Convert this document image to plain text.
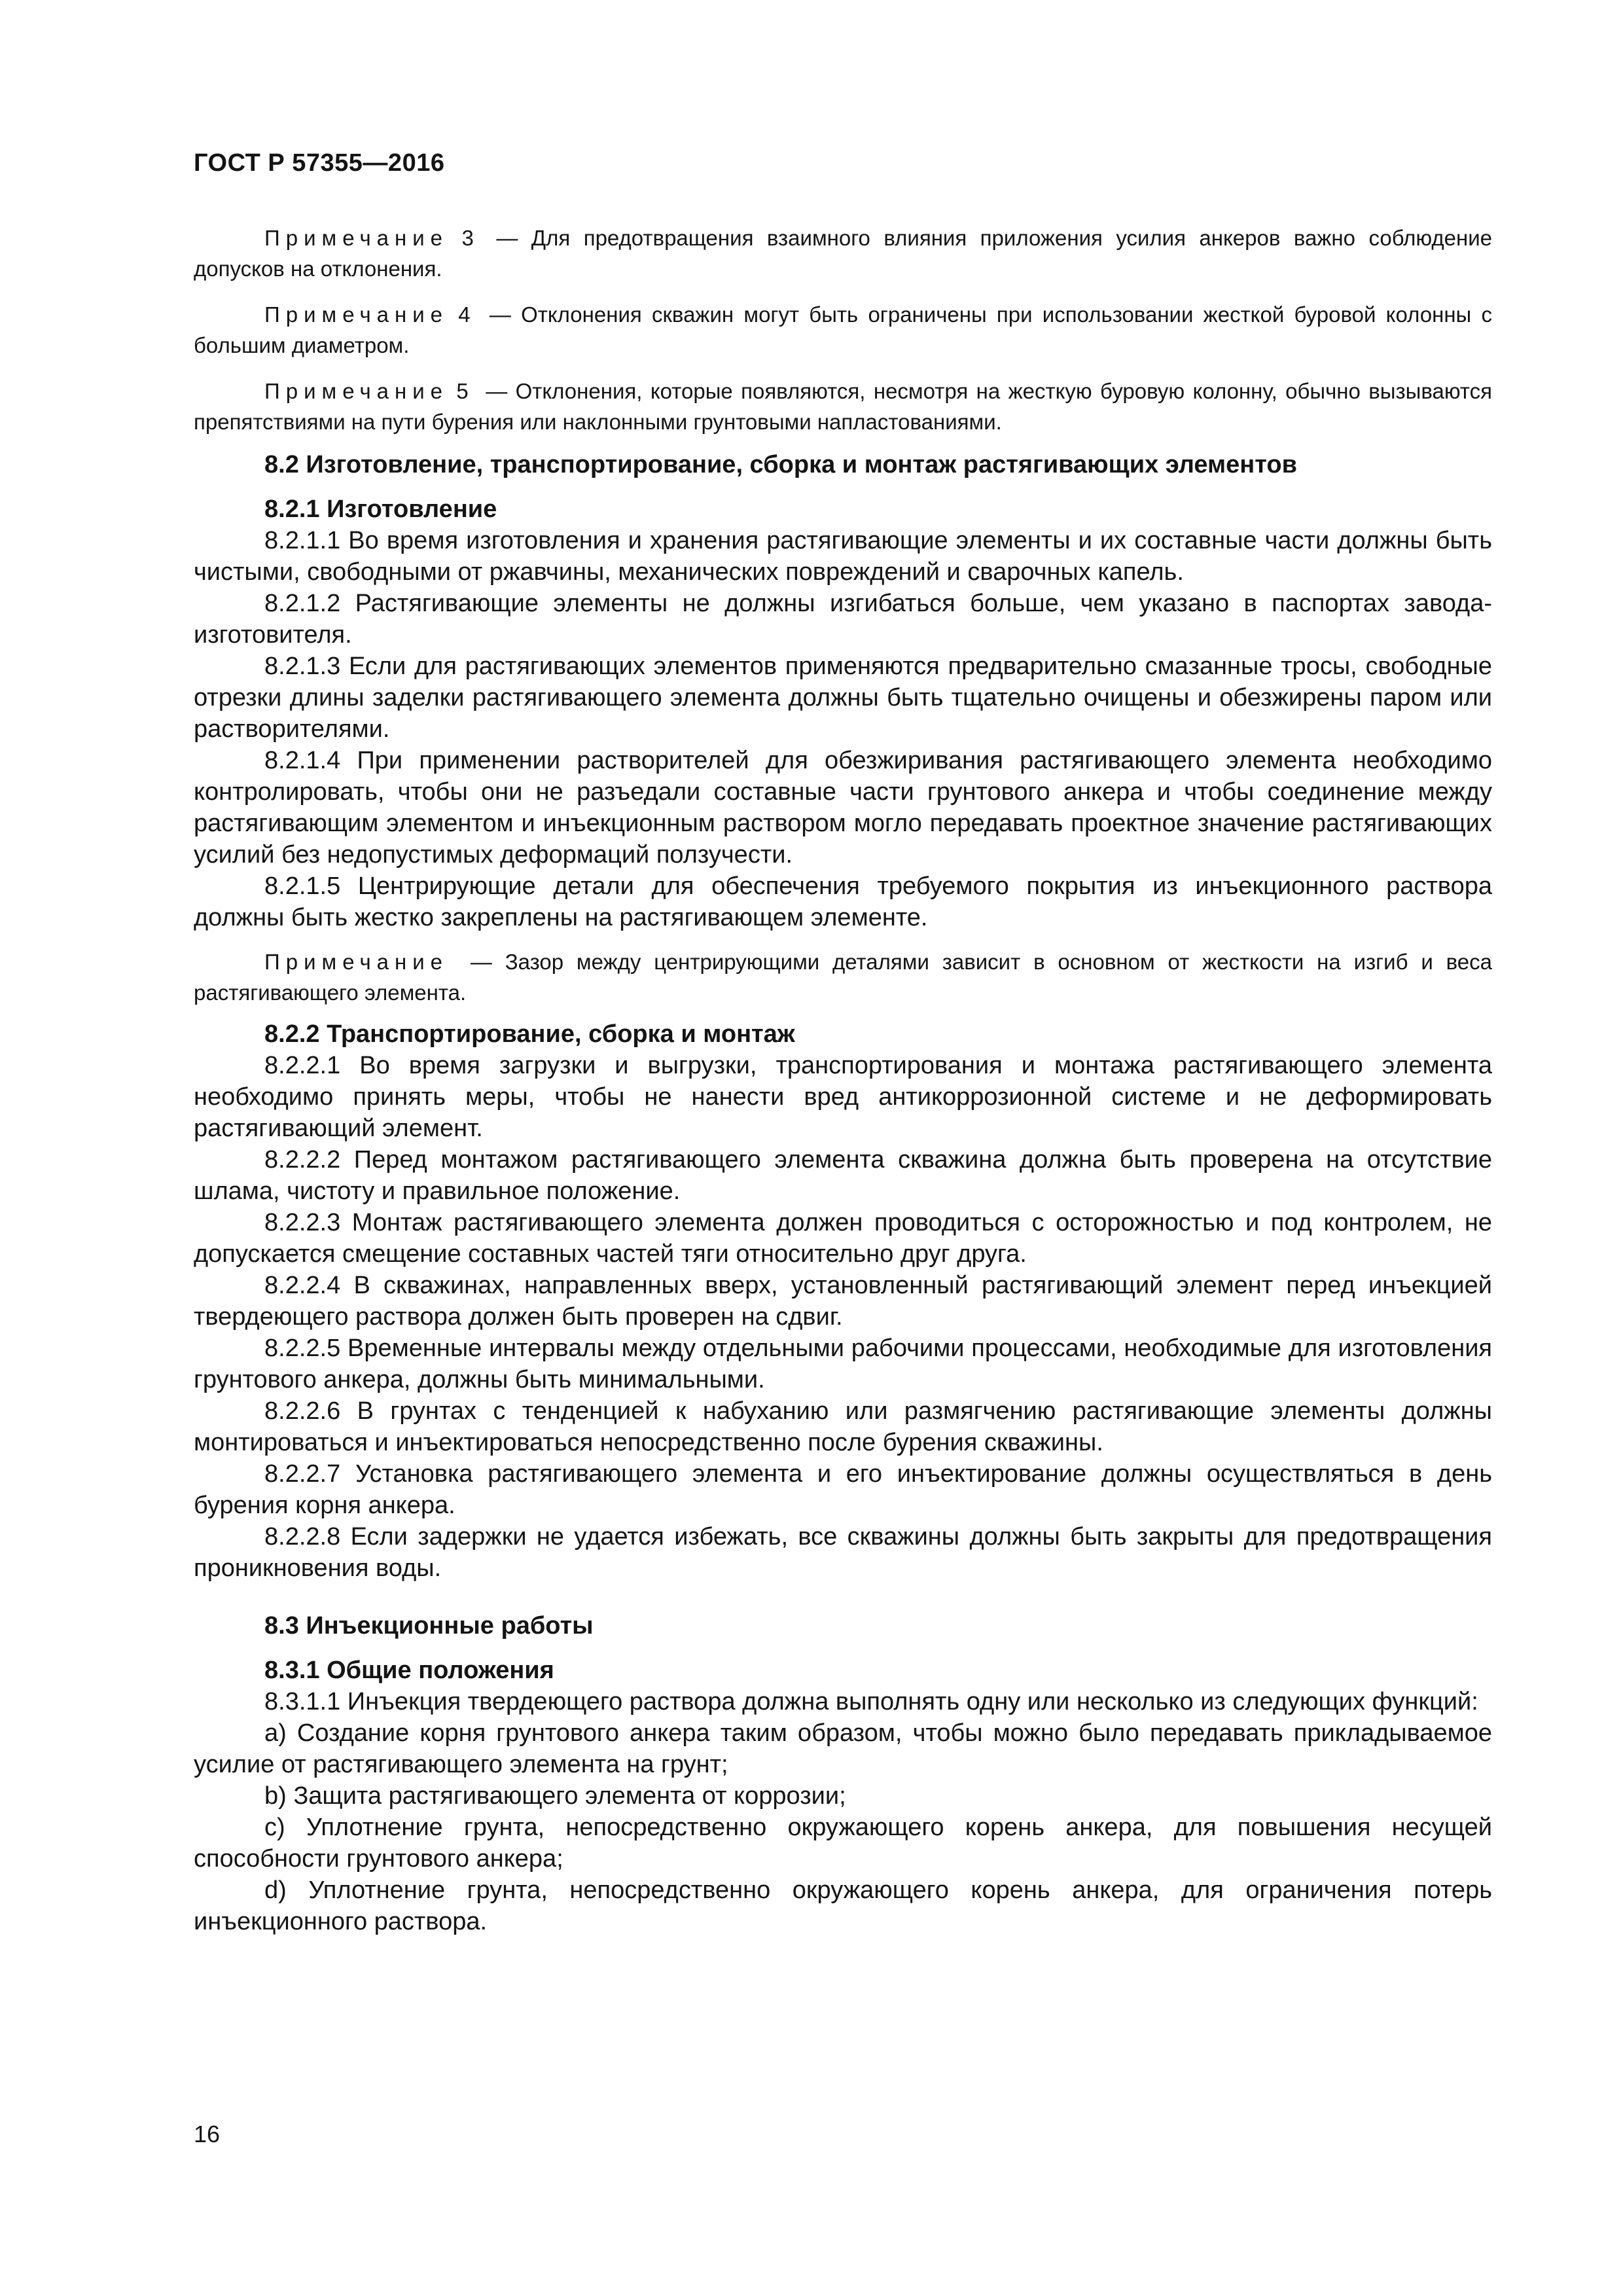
ГОСТ Р 57355—2016

Примечание 3 — Для предотвращения взаимного влияния приложения усилия анкеров важно соблюдение допусков на отклонения.

Примечание 4 — Отклонения скважин могут быть ограничены при использовании жесткой буровой колонны с большим диаметром.

Примечание 5 — Отклонения, которые появляются, несмотря на жесткую буровую колонну, обычно вызываются препятствиями на пути бурения или наклонными грунтовыми напластованиями.

8.2 Изготовление, транспортирование, сборка и монтаж растягивающих элементов

8.2.1 Изготовление

8.2.1.1 Во время изготовления и хранения растягивающие элементы и их составные части должны быть чистыми, свободными от ржавчины, механических повреждений и сварочных капель.

8.2.1.2 Растягивающие элементы не должны изгибаться больше, чем указано в паспортах завода-изготовителя.

8.2.1.3 Если для растягивающих элементов применяются предварительно смазанные тросы, свободные отрезки длины заделки растягивающего элемента должны быть тщательно очищены и обезжирены паром или растворителями.

8.2.1.4 При применении растворителей для обезжиривания растягивающего элемента необходимо контролировать, чтобы они не разъедали составные части грунтового анкера и чтобы соединение между растягивающим элементом и инъекционным раствором могло передавать проектное значение растягивающих усилий без недопустимых деформаций ползучести.

8.2.1.5 Центрирующие детали для обеспечения требуемого покрытия из инъекционного раствора должны быть жестко закреплены на растягивающем элементе.

Примечание — Зазор между центрирующими деталями зависит в основном от жесткости на изгиб и веса растягивающего элемента.

8.2.2 Транспортирование, сборка и монтаж

8.2.2.1 Во время загрузки и выгрузки, транспортирования и монтажа растягивающего элемента необходимо принять меры, чтобы не нанести вред антикоррозионной системе и не деформировать растягивающий элемент.

8.2.2.2 Перед монтажом растягивающего элемента скважина должна быть проверена на отсутствие шлама, чистоту и правильное положение.

8.2.2.3 Монтаж растягивающего элемента должен проводиться с осторожностью и под контролем, не допускается смещение составных частей тяги относительно друг друга.

8.2.2.4 В скважинах, направленных вверх, установленный растягивающий элемент перед инъекцией твердеющего раствора должен быть проверен на сдвиг.

8.2.2.5 Временные интервалы между отдельными рабочими процессами, необходимые для изготовления грунтового анкера, должны быть минимальными.

8.2.2.6 В грунтах с тенденцией к набуханию или размягчению растягивающие элементы должны монтироваться и инъектироваться непосредственно после бурения скважины.

8.2.2.7 Установка растягивающего элемента и его инъектирование должны осуществляться в день бурения корня анкера.

8.2.2.8 Если задержки не удается избежать, все скважины должны быть закрыты для предотвращения проникновения воды.

8.3 Инъекционные работы

8.3.1 Общие положения

8.3.1.1 Инъекция твердеющего раствора должна выполнять одну или несколько из следующих функций:

a) Создание корня грунтового анкера таким образом, чтобы можно было передавать прикладываемое усилие от растягивающего элемента на грунт;

b) Защита растягивающего элемента от коррозии;

c) Уплотнение грунта, непосредственно окружающего корень анкера, для повышения несущей способности грунтового анкера;

d) Уплотнение грунта, непосредственно окружающего корень анкера, для ограничения потерь инъекционного раствора.

16
